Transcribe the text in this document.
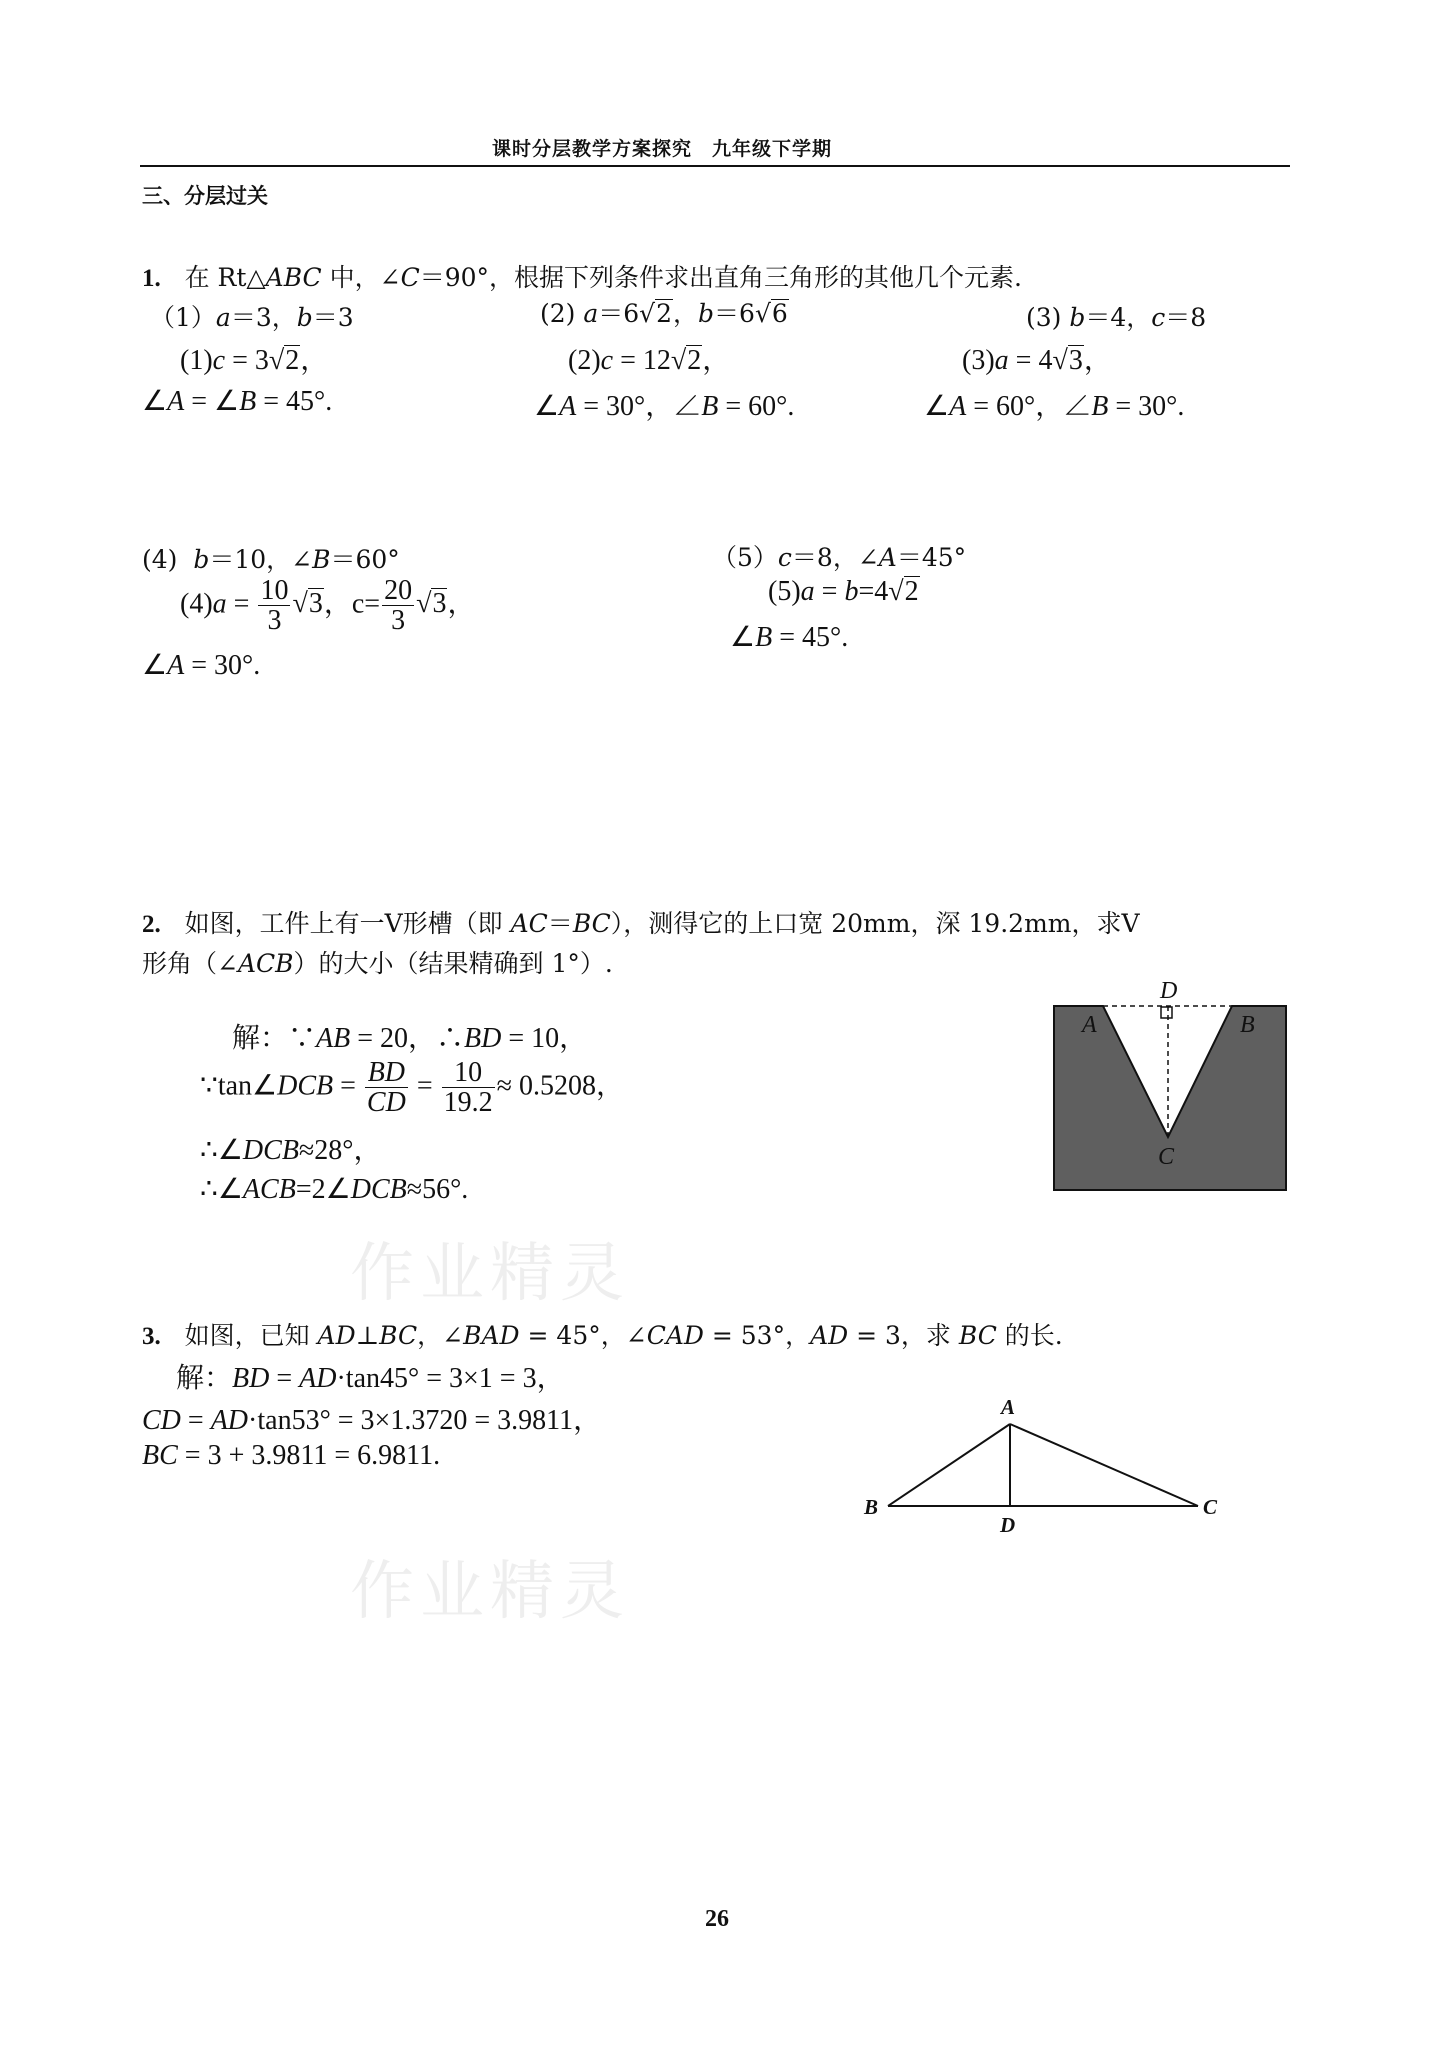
课时分层教学方案探究　九年级下学期
三、分层过关
1.   在 Rt△ABC 中，∠C＝90°，根据下列条件求出直角三角形的其他几个元素.
（1）a＝3，b＝3	(2) a＝6√2，b＝6√6	(3) b＝4，c＝8
(1)c = 3√2，	(2)c = 12√2，	(3)a = 4√3，
∠A = ∠B = 45°.	∠A = 30°，∠B = 60°.	∠A = 60°，∠B = 30°.
(4)  b＝10，∠B＝60°
$(4)a = \frac{10}{3} √3$，$c= \frac{20}{3} √3$，
∠A = 30°.
（5）c＝8，∠A＝45°
(5)a = b=4√2
∠B = 45°.
2.   如图，工件上有一V形槽（即 AC＝BC），测得它的上口宽 20mm，深 19.2mm，求V
形角（∠ACB）的大小（结果精确到 1°）.
解：∵AB = 20，∴BD = 10，
∵tan∠DCB = $\frac{BD}{CD} = \frac{10}{19.2} \approx 0.5208$，
∴∠DCB≈28°，
∴∠ACB=2∠DCB≈56°.
D
A	B
C
作业精灵
作业精灵
3.   如图，已知 AD⊥BC，∠BAD = 45°，∠CAD = 53°，AD = 3，求 BC 的长.
解：BD = AD·tan45° = 3×1 = 3，
CD = AD·tan53° = 3×1.3720 = 3.9811，
BC = 3 + 3.9811 = 6.9811.
A
B	C
D
26
